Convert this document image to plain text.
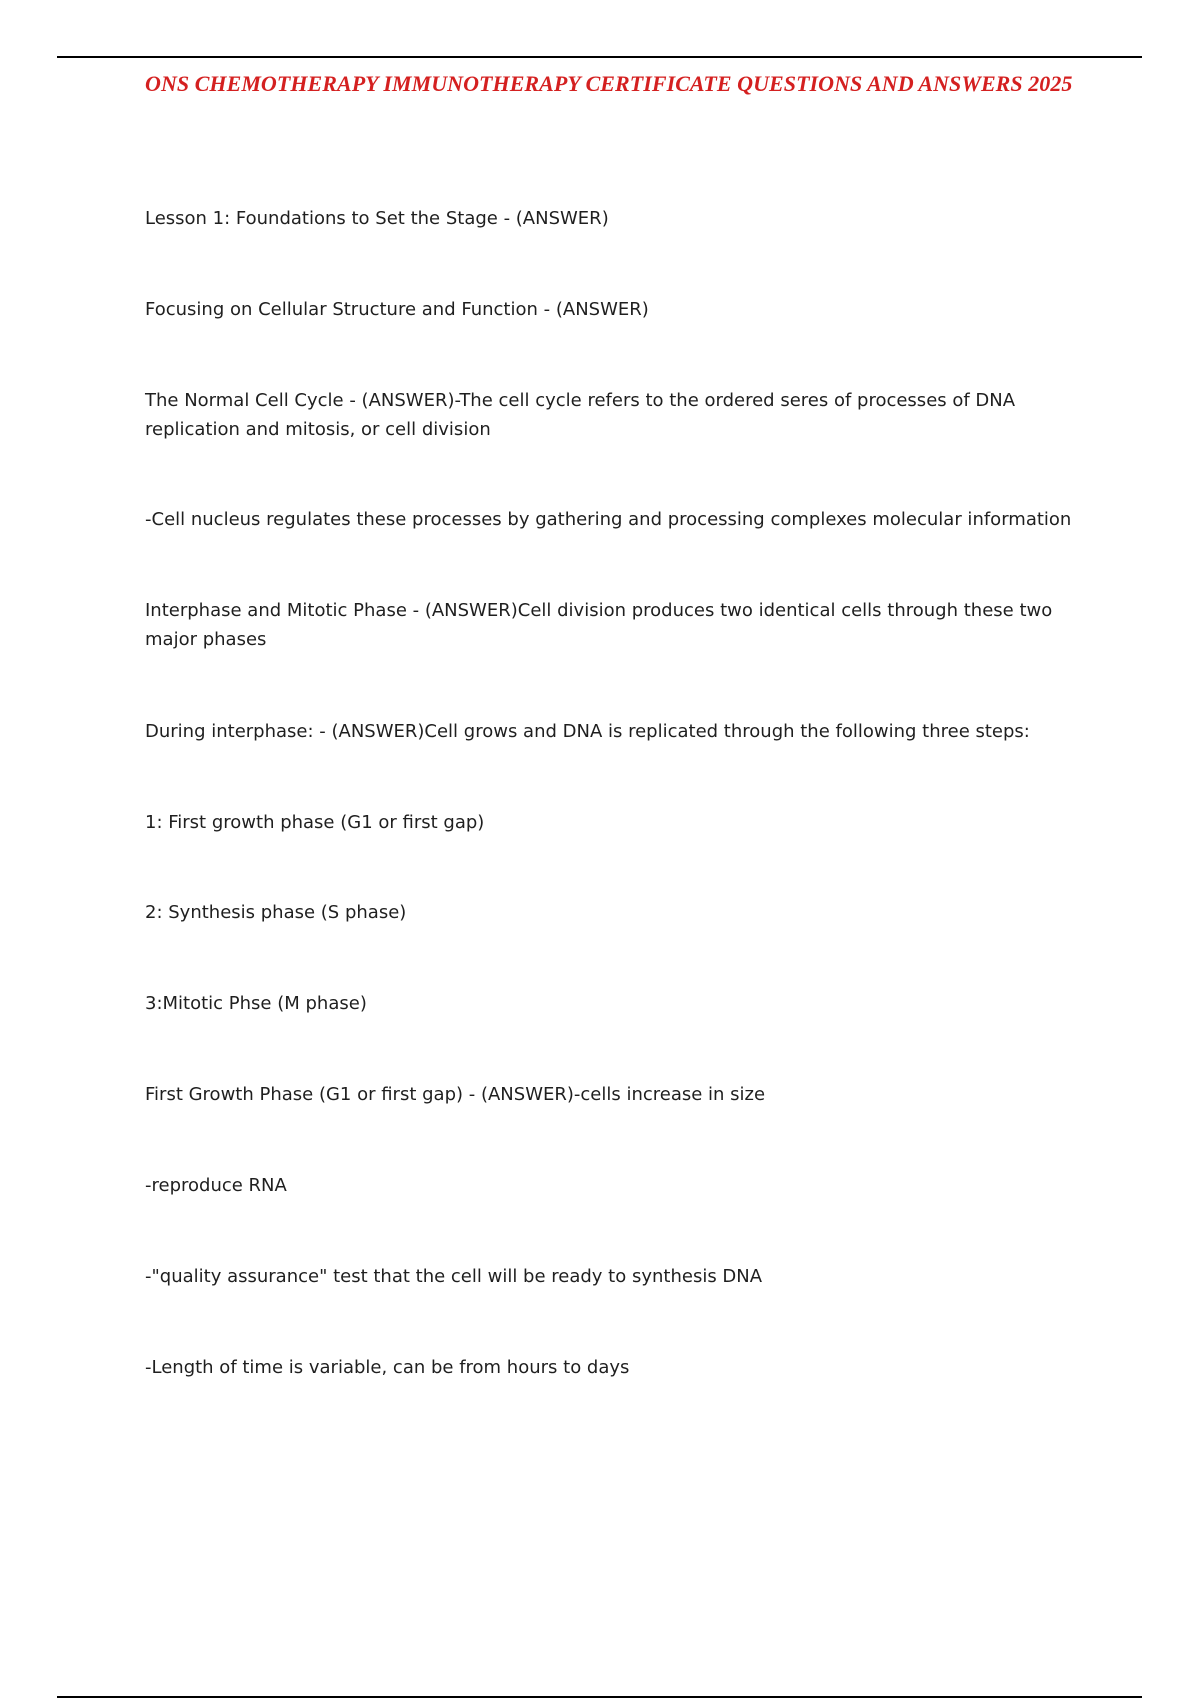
ONS CHEMOTHERAPY IMMUNOTHERAPY CERTIFICATE QUESTIONS AND ANSWERS 2025

Lesson 1: Foundations to Set the Stage - (ANSWER)

Focusing on Cellular Structure and Function - (ANSWER)

The Normal Cell Cycle - (ANSWER)-The cell cycle refers to the ordered seres of processes of DNA replication and mitosis, or cell division

-Cell nucleus regulates these processes by gathering and processing complexes molecular information

Interphase and Mitotic Phase - (ANSWER)Cell division produces two identical cells through these two major phases

During interphase: - (ANSWER)Cell grows and DNA is replicated through the following three steps:

1: First growth phase (G1 or first gap)

2: Synthesis phase (S phase)

3:Mitotic Phse (M phase)

First Growth Phase (G1 or first gap) - (ANSWER)-cells increase in size

-reproduce RNA

-"quality assurance" test that the cell will be ready to synthesis DNA

-Length of time is variable, can be from hours to days
